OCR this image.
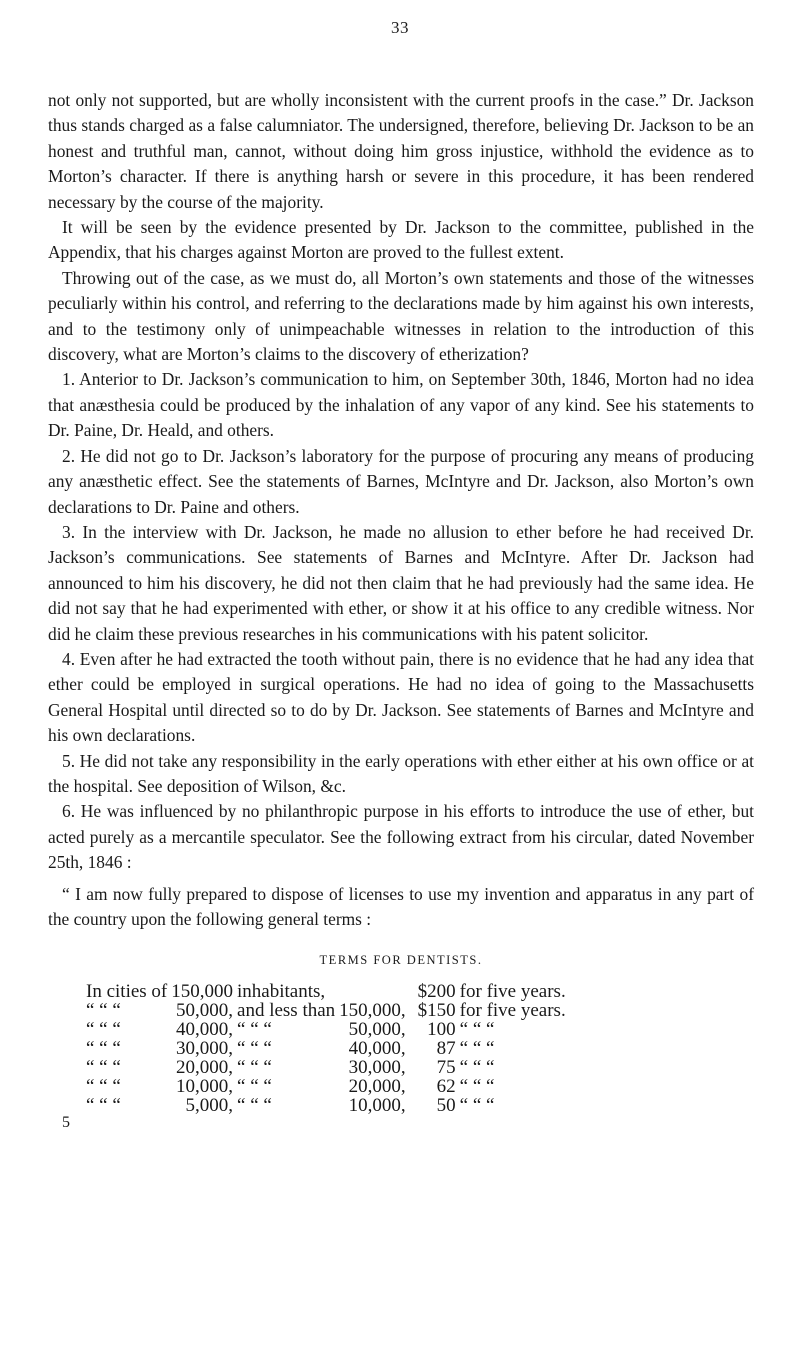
33

not only not supported, but are wholly inconsistent with the current proofs in the case.” Dr. Jackson thus stands charged as a false calumniator. The undersigned, therefore, believing Dr. Jackson to be an honest and truthful man, cannot, without doing him gross injustice, withhold the evidence as to Morton’s character. If there is anything harsh or severe in this procedure, it has been rendered necessary by the course of the majority.

It will be seen by the evidence presented by Dr. Jackson to the committee, published in the Appendix, that his charges against Morton are proved to the fullest extent.

Throwing out of the case, as we must do, all Morton’s own statements and those of the witnesses peculiarly within his control, and referring to the declarations made by him against his own interests, and to the testimony only of unimpeachable witnesses in relation to the introduction of this discovery, what are Morton’s claims to the discovery of etherization?

1. Anterior to Dr. Jackson’s communication to him, on September 30th, 1846, Morton had no idea that anæsthesia could be produced by the inhalation of any vapor of any kind. See his statements to Dr. Paine, Dr. Heald, and others.

2. He did not go to Dr. Jackson’s laboratory for the purpose of procuring any means of producing any anæsthetic effect. See the statements of Barnes, McIntyre and Dr. Jackson, also Morton’s own declarations to Dr. Paine and others.

3. In the interview with Dr. Jackson, he made no allusion to ether before he had received Dr. Jackson’s communications. See statements of Barnes and McIntyre. After Dr. Jackson had announced to him his discovery, he did not then claim that he had previously had the same idea. He did not say that he had experimented with ether, or show it at his office to any credible witness. Nor did he claim these previous researches in his communications with his patent solicitor.

4. Even after he had extracted the tooth without pain, there is no evidence that he had any idea that ether could be employed in surgical operations. He had no idea of going to the Massachusetts General Hospital until directed so to do by Dr. Jackson. See statements of Barnes and McIntyre and his own declarations.

5. He did not take any responsibility in the early operations with ether either at his own office or at the hospital. See deposition of Wilson, &c.

6. He was influenced by no philanthropic purpose in his efforts to introduce the use of ether, but acted purely as a mercantile speculator. See the following extract from his circular, dated November 25th, 1846 :

“ I am now fully prepared to dispose of licenses to use my invention and apparatus in any part of the country upon the following general terms :

TERMS FOR DENTISTS.
In cities of	150,000	inhabitants,		$200	for five years.
“ “ “	50,000,	and less than	150,000,	$150	for five years.
“ “ “	40,000,	“ “ “	50,000,	100	“ “ “
“ “ “	30,000,	“ “ “	40,000,	87	“ “ “
“ “ “	20,000,	“ “ “	30,000,	75	“ “ “
“ “ “	10,000,	“ “ “	20,000,	62	“ “ “
“ “ “	5,000,	“ “ “	10,000,	50	“ “ “

5
